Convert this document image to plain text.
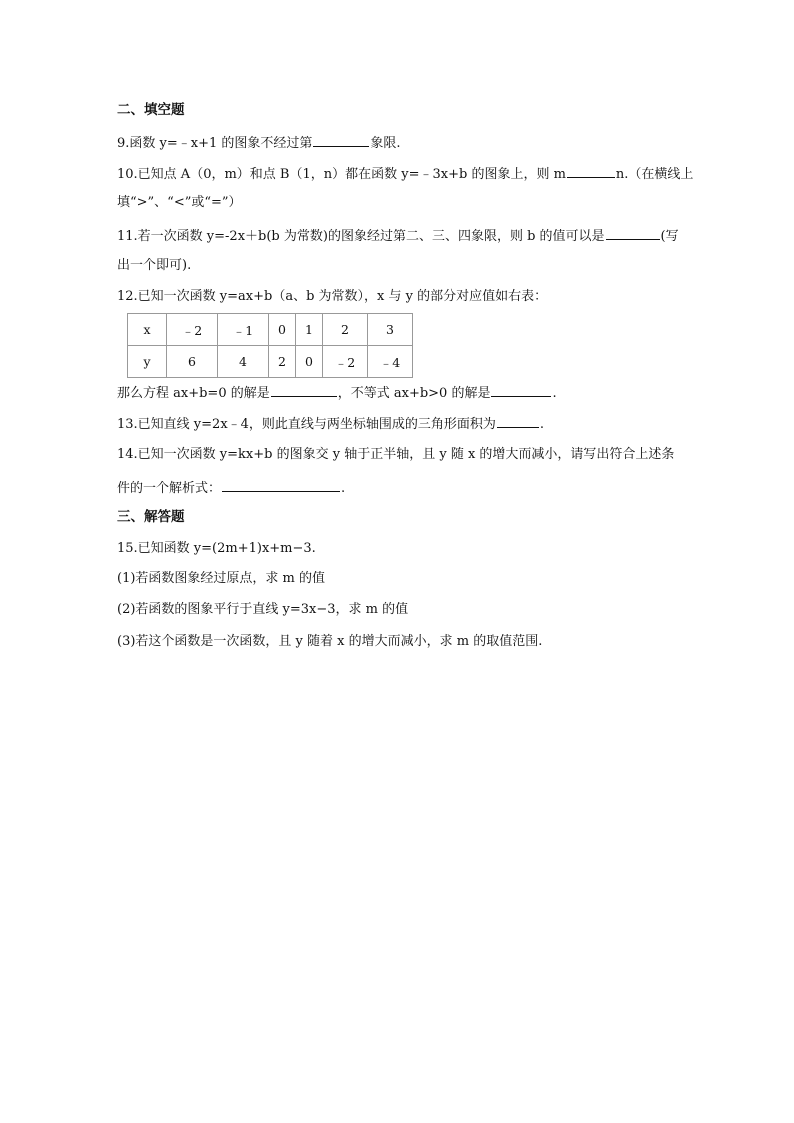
二、填空题
9.函数 y=﹣x+1 的图象不经过第	象限.
10.已知点 A（0，m）和点 B（1，n）都在函数 y=﹣3x+b 的图象上，则 m	n.（在横线上
填“>”、“<”或“=”）
11.若一次函数 y=-2x＋b(b 为常数)的图象经过第二、三、四象限，则 b 的值可以是	(写
出一个即可).
12.已知一次函数 y=ax+b（a、b 为常数），x 与 y 的部分对应值如右表：
x	﹣2	﹣1	0	1	2	3
y	6	4	2	0	﹣2	﹣4
那么方程 ax+b=0 的解是	，不等式 ax+b>0 的解是	.
13.已知直线 y=2x﹣4，则此直线与两坐标轴围成的三角形面积为	.
14.已知一次函数 y=kx+b 的图象交 y 轴于正半轴，且 y 随 x 的增大而减小，请写出符合上述条
件的一个解析式：	.
三、解答题
15.已知函数 y=(2m+1)x+m−3.
(1)若函数图象经过原点，求 m 的值
(2)若函数的图象平行于直线 y=3x−3，求 m 的值
(3)若这个函数是一次函数，且 y 随着 x 的增大而减小，求 m 的取值范围.
